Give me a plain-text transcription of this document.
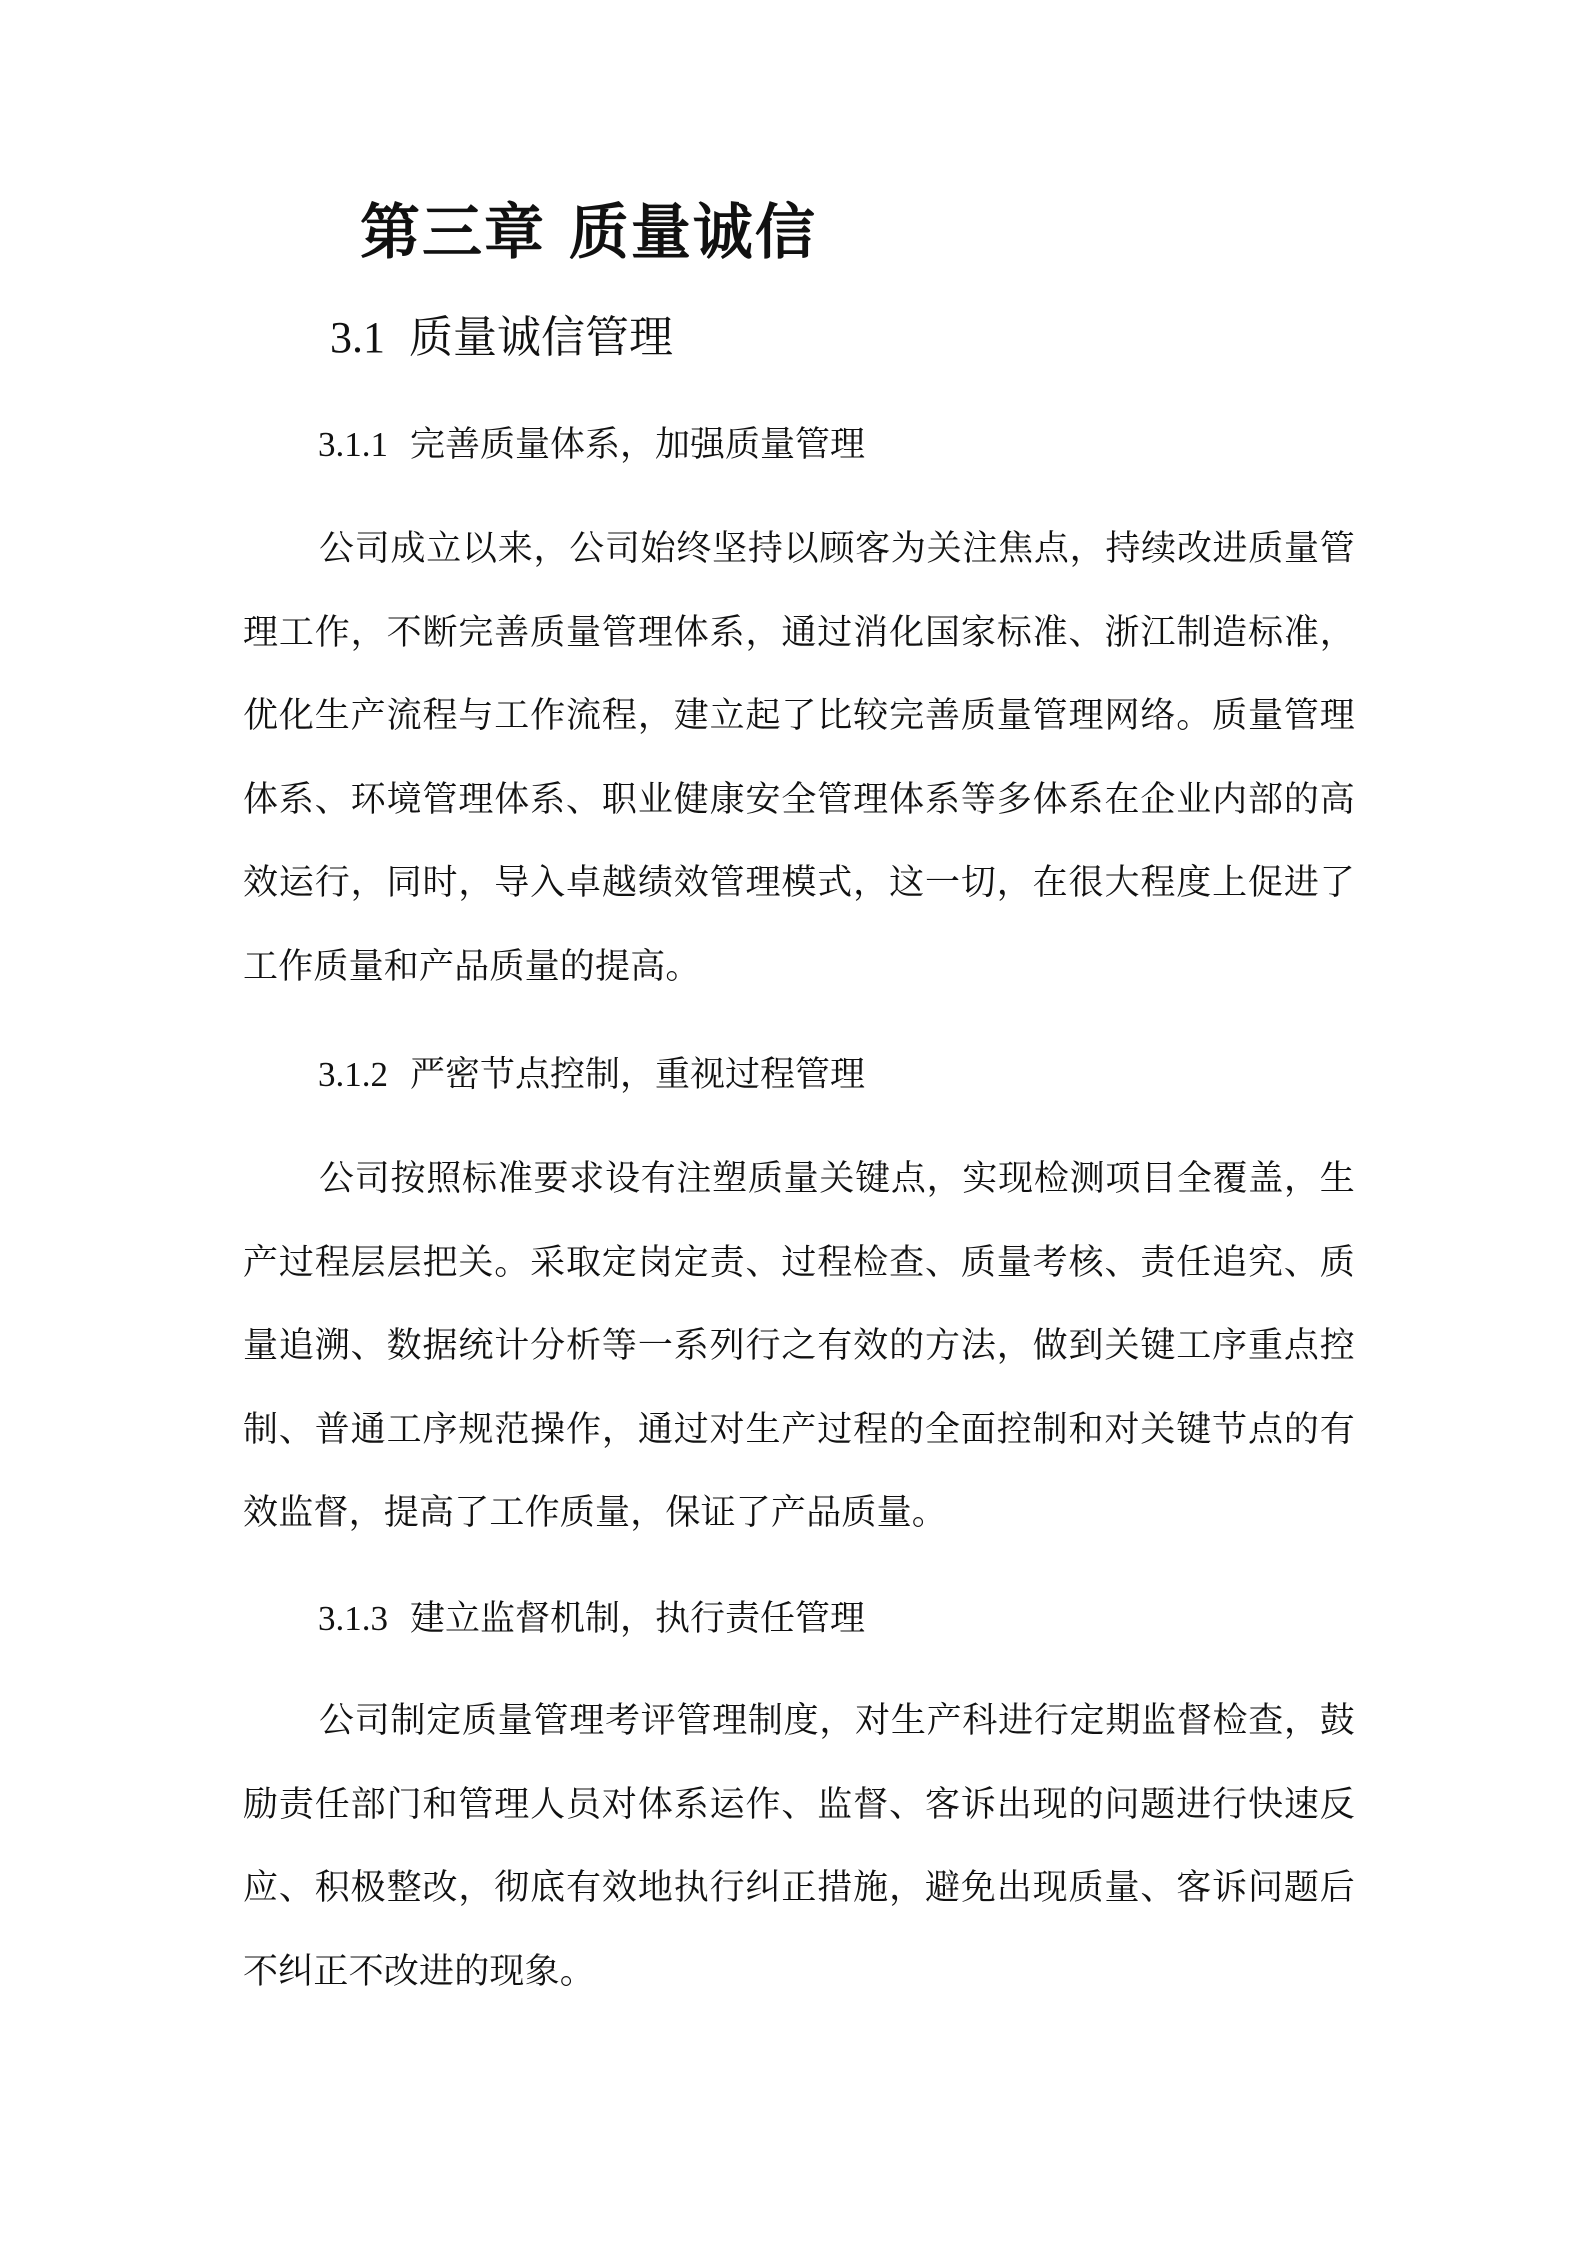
第三章 质量诚信
3.1 质量诚信管理
3.1.1 完善质量体系，加强质量管理

公司成立以来，公司始终坚持以顾客为关注焦点，持续改进质量管理工作，不断完善质量管理体系，通过消化国家标准、浙江制造标准，优化生产流程与工作流程，建立起了比较完善质量管理网络。质量管理体系、环境管理体系、职业健康安全管理体系等多体系在企业内部的高效运行，同时，导入卓越绩效管理模式，这一切，在很大程度上促进了工作质量和产品质量的提高。

3.1.2 严密节点控制，重视过程管理

公司按照标准要求设有注塑质量关键点，实现检测项目全覆盖，生产过程层层把关。采取定岗定责、过程检查、质量考核、责任追究、质量追溯、数据统计分析等一系列行之有效的方法，做到关键工序重点控制、普通工序规范操作，通过对生产过程的全面控制和对关键节点的有效监督，提高了工作质量，保证了产品质量。

3.1.3 建立监督机制，执行责任管理

公司制定质量管理考评管理制度，对生产科进行定期监督检查，鼓励责任部门和管理人员对体系运作、监督、客诉出现的问题进行快速反应、积极整改，彻底有效地执行纠正措施，避免出现质量、客诉问题后不纠正不改进的现象。
